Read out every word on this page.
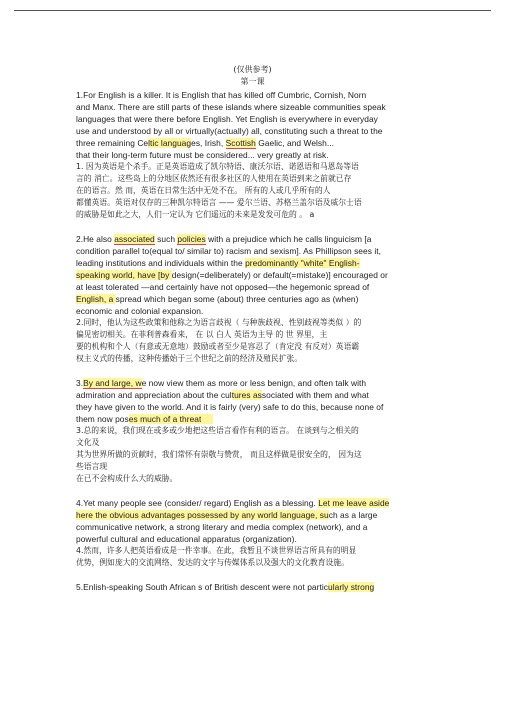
(仅供参考)
第一课
1.For English is a killer. It is English that has killed off Cumbric, Cornish, Norn
and Manx. There are still parts of these islands where sizeable communities speak
languages that were there before English. Yet English is everywhere in everyday
use and understood by all or virtually(actually) all, constituting such a threat to the
three remaining Celtic languages, Irish, Scottish Gaelic, and Welsh...
that their long-term future must be considered... very greatly at risk.
1. 因为英语是个杀手。正是英语造成了凯尔特语、康沃尔语、诺恩语和马恩岛等语
言的 消亡。这些岛上的分地区依然还有很多社区的人使用在英语到来之前就已存
在的语言。然 而，英语在日常生活中无处不在。 所有的人或几乎所有的人
都懂英语。英语对仅存的三种凯尔特语言 —— 爱尔兰语、苏格兰盖尔语及威尔士语
的威胁是如此之大，人们一定认为 它们遥远的未来是发发可危的 。 a
2.He also associated such policies with a prejudice which he calls linguicism [a
condition parallel to(equal to/ similar to) racism and sexism]. As Phillipson sees it,
leading institutions and individuals within the predominantly "white" English-
speaking world, have [by design(=deliberately) or default(=mistake)] encouraged or
at least tolerated —and certainly have not opposed—the hegemonic spread of
English, a spread which began some (about) three centuries ago as (when)
economic and colonial expansion.
2.同时，他认为这些政策和他称之为语言歧视（ 与种族歧视、性别歧视等类似 ）的
偏见密切相关。在菲利普森看来， 在 以 白人 英语为主导 的 世 界里，主
要的机构和个人（有意或无意地）鼓励或者至少是容忍了（肯定没 有反对）英语霸
权主义式的传播，这种传播始于三个世纪之前的经济及殖民扩张。
3.By and large, we now view them as more or less benign, and often talk with
admiration and appreciation about the cultures associated with them and what
they have given to the world. And it is fairly (very) safe to do this, because none of
them now poses much of a threat
3.总的来说，我们现在或多或少地把这些语言看作有利的语言。 在谈到与之相关的
文化及
其为世界所做的贡献时，我们常怀有崇敬与赞赏， 而且这样做是很安全的， 因为这
些语言现
在已不会构成什么大的威胁。
4.Yet many people see (consider/ regard) English as a blessing. Let me leave aside
here the obvious advantages possessed by any world language, such as a large
communicative network, a strong literary and media complex (network), and a
powerful cultural and educational apparatus (organization).
4.然而，许多人把英语看成是一件幸事。在此，我暂且不谈世界语言所具有的明显
优势，例如庞大的交流网络、发达的文字与传媒体系以及强大的文化教育设施。
5.Enlish-speaking South African s of British descent were not particularly strong
